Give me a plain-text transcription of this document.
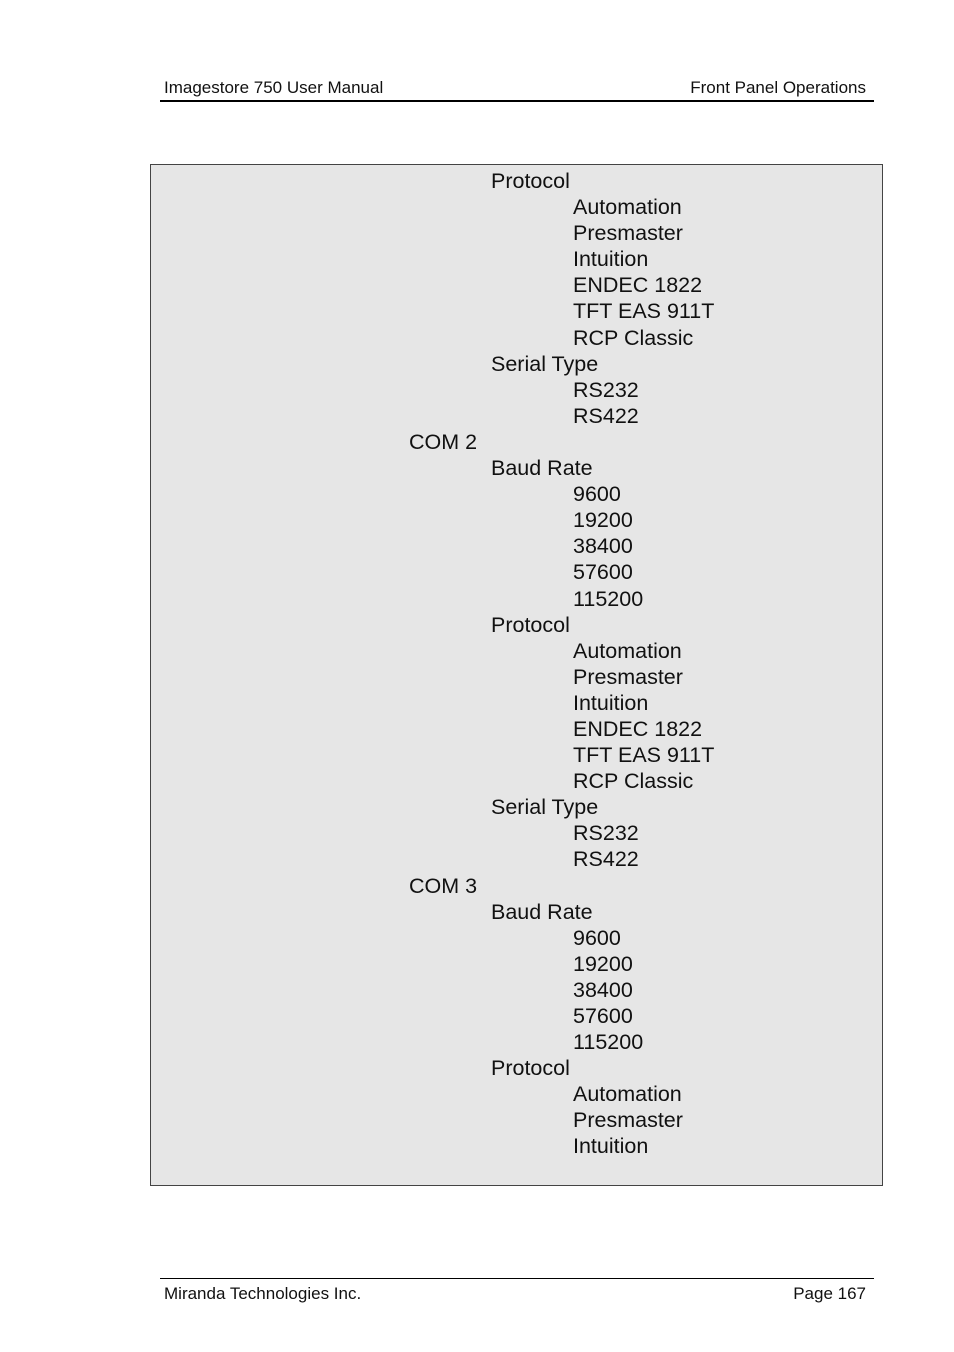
Imagestore 750 User Manual	Front Panel Operations
Protocol
Automation
Presmaster
Intuition
ENDEC 1822
TFT EAS 911T
RCP Classic
Serial Type
RS232
RS422
COM 2
Baud Rate
9600
19200
38400
57600
115200
Protocol
Automation
Presmaster
Intuition
ENDEC 1822
TFT EAS 911T
RCP Classic
Serial Type
RS232
RS422
COM 3
Baud Rate
9600
19200
38400
57600
115200
Protocol
Automation
Presmaster
Intuition
Miranda Technologies Inc.	Page 167
